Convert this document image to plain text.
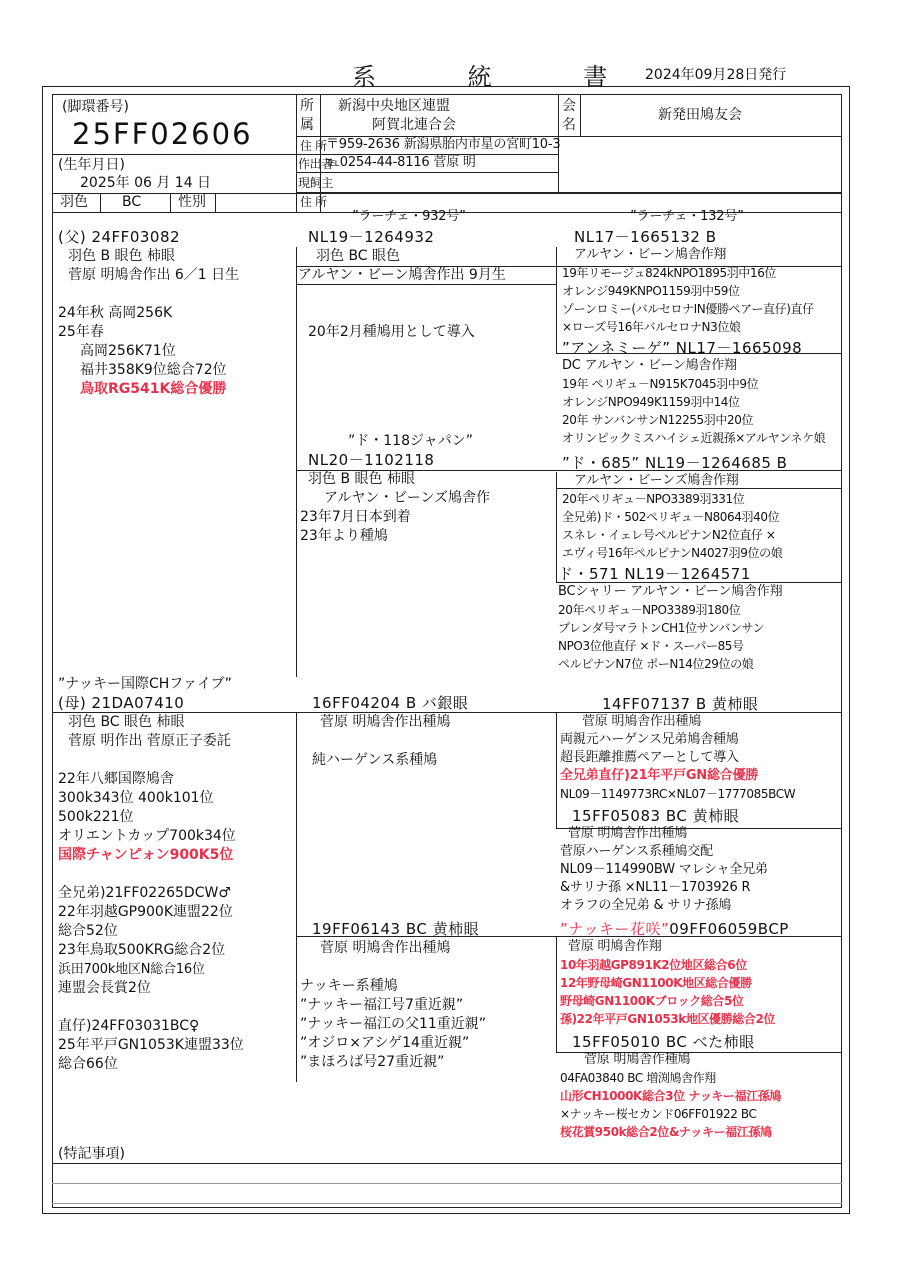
系 統 書
2024年09月28日発行
(脚環番号)
25FF02606
(生年月日)
2025年 06 月 14 日
羽色 BC	性別
所
属
新潟中央地区連盟
阿賀北連合会
会
名
新発田鳩友会
住 所 〒959-2636 新潟県胎内市星の宮町10-3
作出者
℡0254-44-8116 菅原 明
現飼主
住 所
(父) 24FF03082
羽色 B 眼色 柿眼
菅原 明鳩舎作出 6／1 日生
24年秋 高岡256K
25年春
高岡256K71位
福井358K9位総合72位
鳥取RG541K総合優勝
”ラーチェ・932号”
NL19－1264932
羽色 BC 眼色
アルヤン・ビーン鳩舎作出 9月生
20年2月種鳩用として導入
”ラーチェ・132号”
NL17－1665132 B
アルヤン・ビーン鳩舎作翔
19年リモージュ824kNPO1895羽中16位
オレンジ949KNPO1159羽中59位
ゾーンロミー(バルセロナIN優勝ペアー直仔)直仔
×ローズ号16年バルセロナN3位娘
”アンネミーゲ” NL17－1665098
DC アルヤン・ビーン鳩舎作翔
19年 ペリギュ－N915K7045羽中9位
オレンジNPO949K1159羽中14位
20年 サンバンサンN12255羽中20位
オリンピックミスハイシェ近親孫×アルヤンネケ娘
”ド・118ジャパン”
NL20－1102118
羽色 B 眼色 柿眼
アルヤン・ビーンズ鳩舎作
23年7月日本到着
23年より種鳩
”ド・685” NL19－1264685 B
アルヤン・ビーンズ鳩舎作翔
20年ペリギュ－NPO3389羽331位
全兄弟)ド・502ペリギュ－N8064羽40位
スネレ・イェレ号ペルピナンN2位直仔 ×
エヴィ号16年ペルピナンN4027羽9位の娘
ド・571 NL19－1264571
BCシャリー アルヤン・ビーン鳩舎作翔
20年ペリギュ－NPO3389羽180位
ブレンダ号マラトンCH1位サンバンサン
NPO3位他直仔 ×ド・スーパー85号
ペルピナンN7位 ポーN14位29位の娘
”ナッキー国際CHファイブ”
(母) 21DA07410
羽色 BC 眼色 柿眼
菅原 明作出 菅原正子委託
22年八郷国際鳩舎
300k343位 400k101位
500k221位
オリエントカップ700k34位
国際チャンピォン900K5位
全兄弟)21FF02265DCW♂
22年羽越GP900K連盟22位
総合52位
23年鳥取500KRG総合2位
浜田700k地区N総合16位
連盟会長賞2位
直仔)24FF03031BC♀
25年平戸GN1053K連盟33位
総合66位
16FF04204 B バ銀眼
菅原 明鳩舎作出種鳩
純ハーゲンス系種鳩
14FF07137 B 黄柿眼
菅原 明鳩舎作出種鳩
両親元ハーゲンス兄弟鳩舎種鳩
超長距離推薦ペアーとして導入
全兄弟直仔)21年平戸GN総合優勝
NL09－1149773RC×NL07－1777085BCW
15FF05083 BC 黄柿眼
菅原 明鳩舎作出種鳩
菅原ハーゲンス系種鳩交配
NL09－114990BW マレシャ全兄弟
&サリナ孫 ×NL11－1703926 R
オラフの全兄弟 & サリナ孫鳩
19FF06143 BC 黄柿眼
菅原 明鳩舎作出種鳩
ナッキー系種鳩
”ナッキー福江号7重近親”
”ナッキー福江の父11重近親”
”オジロ×アシゲ14重近親”
”まほろば号27重近親”
”ナッキー花咲”09FF06059BCP
菅原 明鳩舎作翔
10年羽越GP891K2位地区総合6位
12年野母崎GN1100K地区総合優勝
野母崎GN1100Kブロック総合5位
孫)22年平戸GN1053k地区優勝総合2位
15FF05010 BC べた柿眼
菅原 明鳩舎作種鳩
04FA03840 BC 増渕鳩舎作翔
山形CH1000K総合3位 ナッキー福江孫鳩
×ナッキー桜セカンド06FF01922 BC
桜花賞950k総合2位&ナッキー福江孫鳩
(特記事項)
